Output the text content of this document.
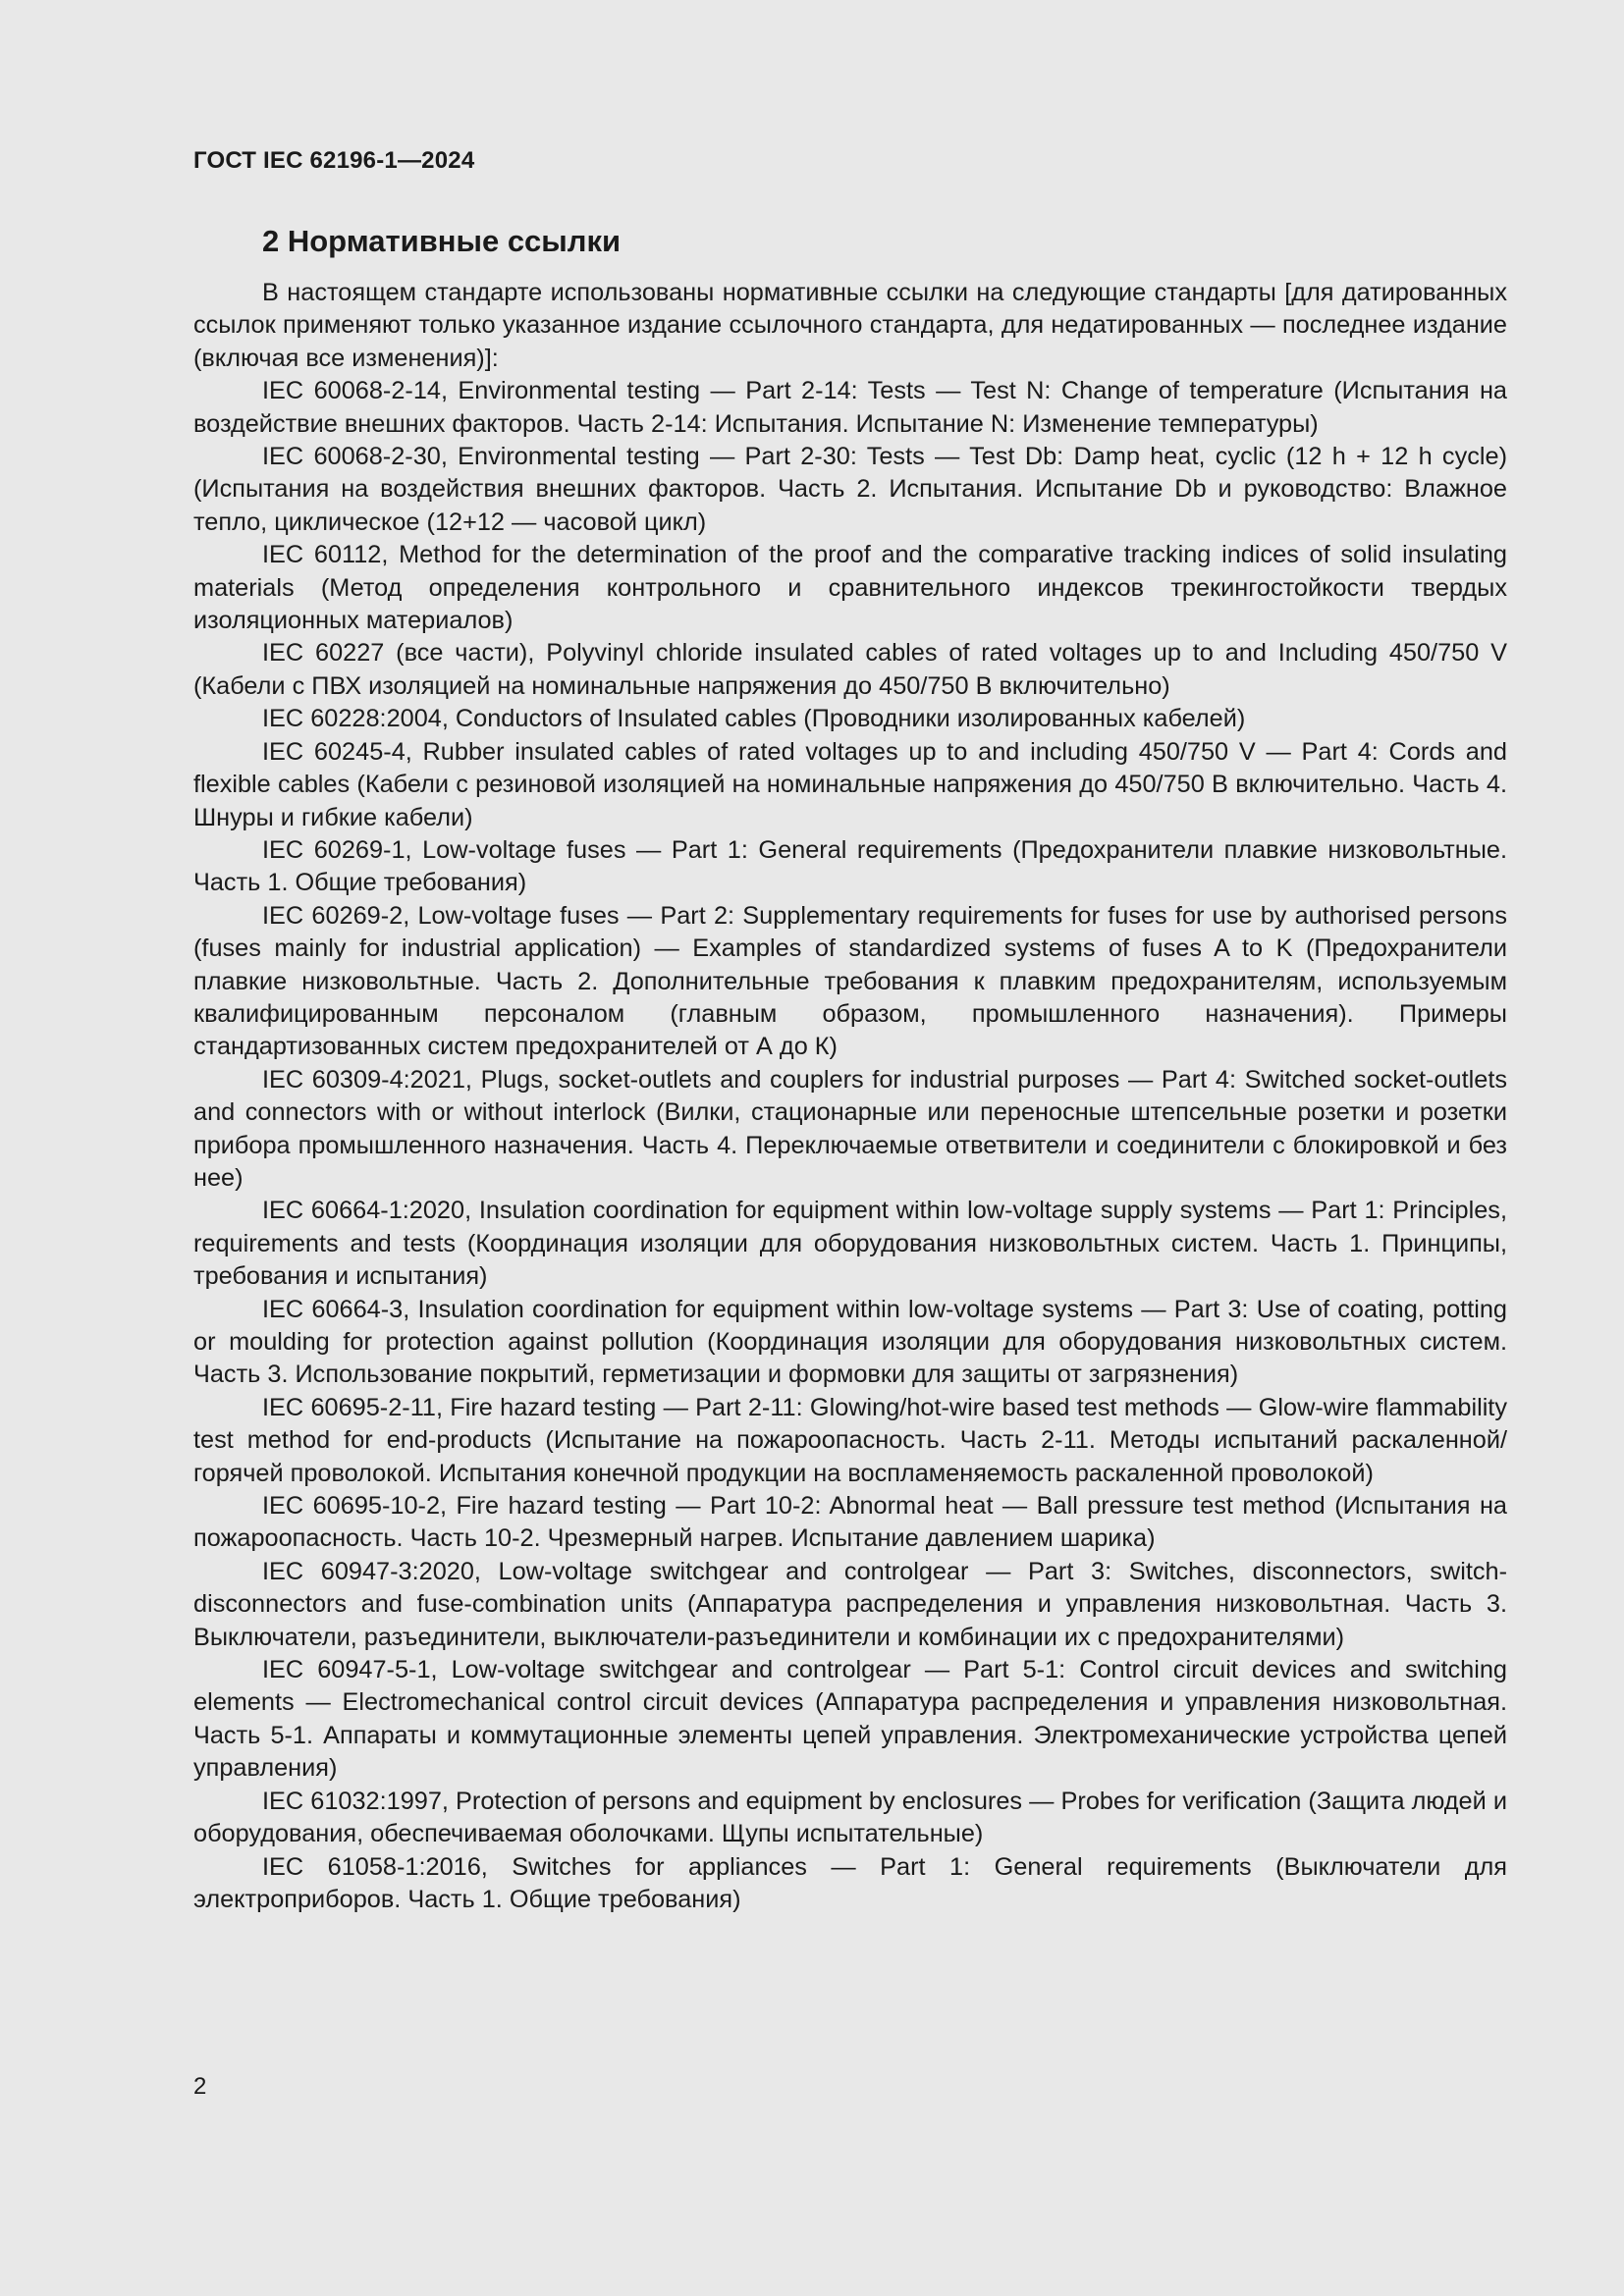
ГОСТ IEC 62196-1—2024
2 Нормативные ссылки

В настоящем стандарте использованы нормативные ссылки на следующие стандарты [для датированных ссылок применяют только указанное издание ссылочного стандарта, для недатированных — последнее издание (включая все изменения)]:

IEC 60068-2-14, Environmental testing — Part 2-14: Tests — Test N: Change of temperature (Испытания на воздействие внешних факторов. Часть 2-14: Испытания. Испытание N: Изменение температуры)

IEC 60068-2-30, Environmental testing — Part 2-30: Tests — Test Db: Damp heat, cyclic (12 h + 12 h cycle) (Испытания на воздействия внешних факторов. Часть 2. Испытания. Испытание Db и руководство: Влажное тепло, циклическое (12+12 — часовой цикл)

IEC 60112, Method for the determination of the proof and the comparative tracking indices of solid insulating materials (Метод определения контрольного и сравнительного индексов трекингостойкости твердых изоляционных материалов)

IEC 60227 (все части), Polyvinyl chloride insulated cables of rated voltages up to and Including 450/750 V (Кабели с ПВХ изоляцией на номинальные напряжения до 450/750 В включительно)

IEC 60228:2004, Conductors of Insulated cables (Проводники изолированных кабелей)

IEC 60245-4, Rubber insulated cables of rated voltages up to and including 450/750 V — Part 4: Cords and flexible cables (Кабели с резиновой изоляцией на номинальные напряжения до 450/750 В включительно. Часть 4. Шнуры и гибкие кабели)

IEC 60269-1, Low-voltage fuses — Part 1: General requirements (Предохранители плавкие низковольтные. Часть 1. Общие требования)

IEC 60269-2, Low-voltage fuses — Part 2: Supplementary requirements for fuses for use by authorised persons (fuses mainly for industrial application) — Examples of standardized systems of fuses A to K (Предохранители плавкие низковольтные. Часть 2. Дополнительные требования к плавким предохранителям, используемым квалифицированным персоналом (главным образом, промышленного назначения). Примеры стандартизованных систем предохранителей от А до К)

IEC 60309-4:2021, Plugs, socket-outlets and couplers for industrial purposes — Part 4: Switched socket-outlets and connectors with or without interlock (Вилки, стационарные или переносные штепсельные розетки и розетки прибора промышленного назначения. Часть 4. Переключаемые ответвители и соединители с блокировкой и без нее)

IEC 60664-1:2020, Insulation coordination for equipment within low-voltage supply systems — Part 1: Principles, requirements and tests (Координация изоляции для оборудования низковольтных систем. Часть 1. Принципы, требования и испытания)

IEC 60664-3, Insulation coordination for equipment within low-voltage systems — Part 3: Use of coating, potting or moulding for protection against pollution (Координация изоляции для оборудования низковольтных систем. Часть 3. Использование покрытий, герметизации и формовки для защиты от загрязнения)

IEC 60695-2-11, Fire hazard testing — Part 2-11: Glowing/hot-wire based test methods — Glow-wire flammability test method for end-products (Испытание на пожароопасность. Часть 2-11. Методы испытаний раскаленной/горячей проволокой. Испытания конечной продукции на воспламеняемость раскаленной проволокой)

IEC 60695-10-2, Fire hazard testing — Part 10-2: Abnormal heat — Ball pressure test method (Испытания на пожароопасность. Часть 10-2. Чрезмерный нагрев. Испытание давлением шарика)

IEC 60947-3:2020, Low-voltage switchgear and controlgear — Part 3: Switches, disconnectors, switch-disconnectors and fuse-combination units (Аппаратура распределения и управления низковольтная. Часть 3. Выключатели, разъединители, выключатели-разъединители и комбинации их с предохранителями)

IEC 60947-5-1, Low-voltage switchgear and controlgear — Part 5-1: Control circuit devices and switching elements — Electromechanical control circuit devices (Аппаратура распределения и управления низковольтная. Часть 5-1. Аппараты и коммутационные элементы цепей управления. Электромеханические устройства цепей управления)

IEC 61032:1997, Protection of persons and equipment by enclosures — Probes for verification (Защита людей и оборудования, обеспечиваемая оболочками. Щупы испытательные)

IEC 61058-1:2016, Switches for appliances — Part 1: General requirements (Выключатели для электроприборов. Часть 1. Общие требования)

2
